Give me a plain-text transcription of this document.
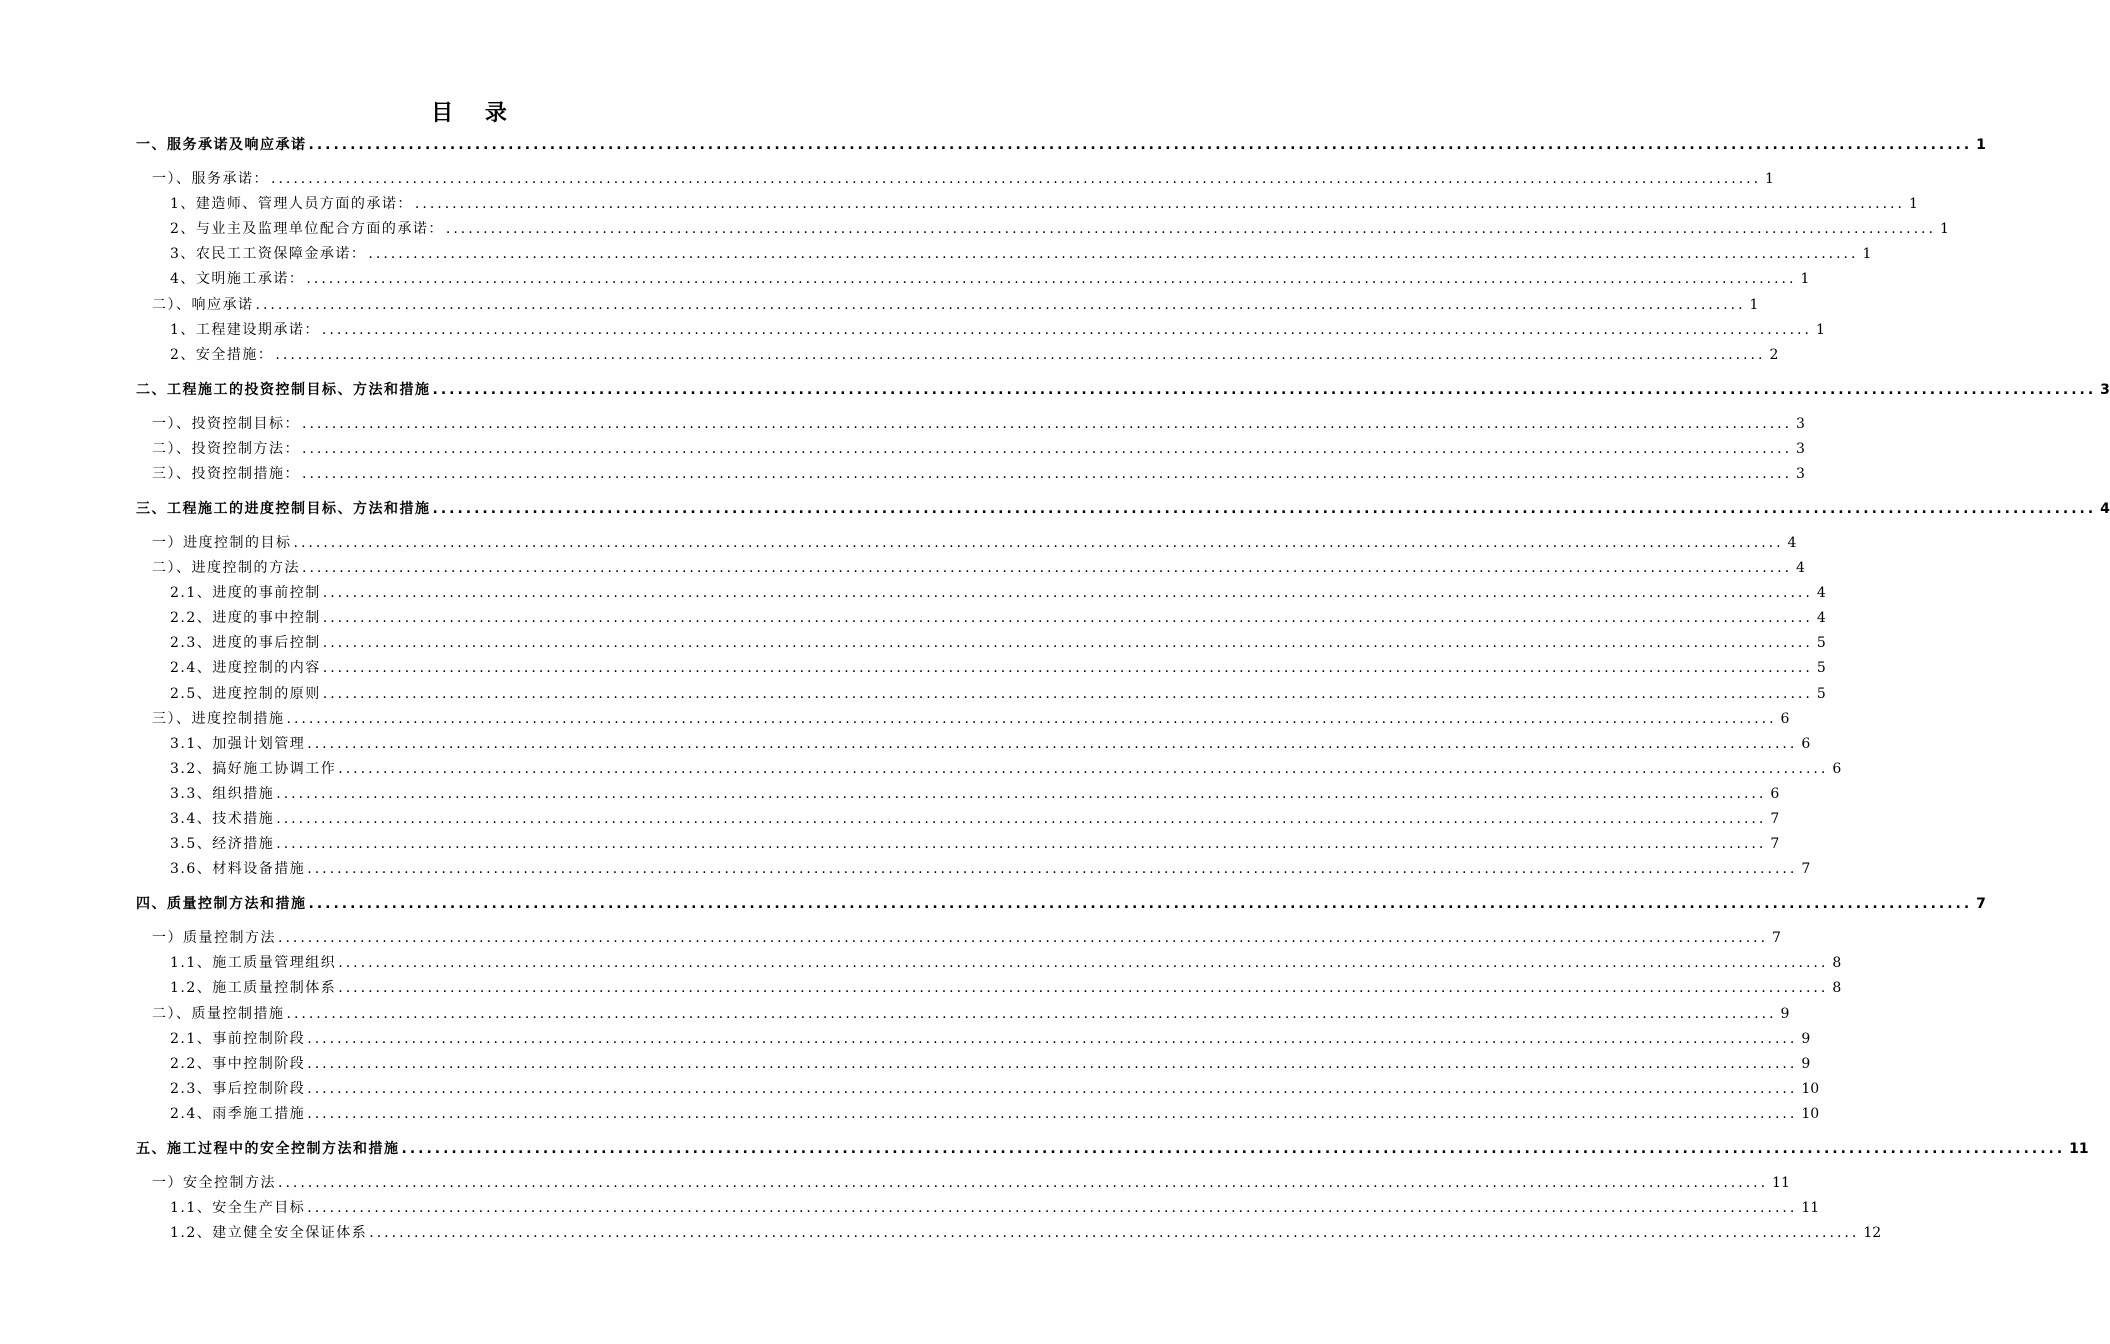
目 录
一、服务承诺及响应承诺 ........................................................................................................................................................................................................ 1
一）、服务承诺： ........................................................................................................................................................................................................ 1
1、建造师、管理人员方面的承诺： ........................................................................................................................................................................................................ 1
2、与业主及监理单位配合方面的承诺： ........................................................................................................................................................................................................ 1
3、农民工工资保障金承诺： ........................................................................................................................................................................................................ 1
4、文明施工承诺： ........................................................................................................................................................................................................ 1
二）、响应承诺 ........................................................................................................................................................................................................ 1
1、工程建设期承诺： ........................................................................................................................................................................................................ 1
2、安全措施： ........................................................................................................................................................................................................ 2
二、工程施工的投资控制目标、方法和措施 ........................................................................................................................................................................................................ 3
一）、投资控制目标： ........................................................................................................................................................................................................ 3
二）、投资控制方法： ........................................................................................................................................................................................................ 3
三）、投资控制措施： ........................................................................................................................................................................................................ 3
三、工程施工的进度控制目标、方法和措施 ........................................................................................................................................................................................................ 4
一）进度控制的目标 ........................................................................................................................................................................................................ 4
二）、进度控制的方法 ........................................................................................................................................................................................................ 4
2.1、进度的事前控制 ........................................................................................................................................................................................................ 4
2.2、进度的事中控制 ........................................................................................................................................................................................................ 4
2.3、进度的事后控制 ........................................................................................................................................................................................................ 5
2.4、进度控制的内容 ........................................................................................................................................................................................................ 5
2.5、进度控制的原则 ........................................................................................................................................................................................................ 5
三）、进度控制措施 ........................................................................................................................................................................................................ 6
3.1、加强计划管理 ........................................................................................................................................................................................................ 6
3.2、搞好施工协调工作 ........................................................................................................................................................................................................ 6
3.3、组织措施 ........................................................................................................................................................................................................ 6
3.4、技术措施 ........................................................................................................................................................................................................ 7
3.5、经济措施 ........................................................................................................................................................................................................ 7
3.6、材料设备措施 ........................................................................................................................................................................................................ 7
四、质量控制方法和措施 ........................................................................................................................................................................................................ 7
一）质量控制方法 ........................................................................................................................................................................................................ 7
1.1、施工质量管理组织 ........................................................................................................................................................................................................ 8
1.2、施工质量控制体系 ........................................................................................................................................................................................................ 8
二）、质量控制措施 ........................................................................................................................................................................................................ 9
2.1、事前控制阶段 ........................................................................................................................................................................................................ 9
2.2、事中控制阶段 ........................................................................................................................................................................................................ 9
2.3、事后控制阶段 ........................................................................................................................................................................................................ 10
2.4、雨季施工措施 ........................................................................................................................................................................................................ 10
五、施工过程中的安全控制方法和措施 ........................................................................................................................................................................................................ 11
一）安全控制方法 ........................................................................................................................................................................................................ 11
1.1、安全生产目标 ........................................................................................................................................................................................................ 11
1.2、建立健全安全保证体系 ........................................................................................................................................................................................................ 12
